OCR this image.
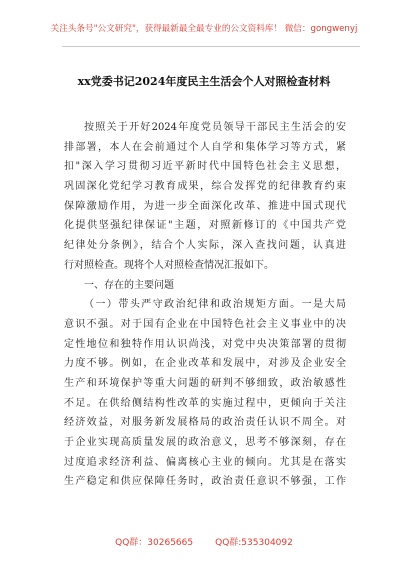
关注头条号"公文研究"，获得最新最全最专业的公文资料库！ 微信：gongwenyj
xx党委书记2024年度民主生活会个人对照检查材料
按照关于开好2024年度党员领导干部民主生活会的安
排部署，本人在会前通过个人自学和集体学习等方式，紧
扣"深入学习贯彻习近平新时代中国特色社会主义思想，
巩固深化党纪学习教育成果，综合发挥党的纪律教育约束
保障激励作用，为进一步全面深化改革、推进中国式现代
化提供坚强纪律保证"主题，对照新修订的《中国共产党
纪律处分条例》，结合个人实际，深入查找问题，认真进
行对照检查。现将个人对照检查情况汇报如下。
一、存在的主要问题
（一）带头严守政治纪律和政治规矩方面。一是大局
意识不强。对于国有企业在中国特色社会主义事业中的决
定性地位和独特作用认识尚浅，对党中央决策部署的贯彻
力度不够。例如，在企业改革和发展中，对涉及企业安全
生产和环境保护等重大问题的研判不够细致，政治敏感性
不足。在供给侧结构性改革的实施过程中，更倾向于关注
经济效益，对服务新发展格局的政治责任认识不周全。对
于企业实现高质量发展的政治意义，思考不够深刻，存在
过度追求经济利益、偏离核心主业的倾向。尤其是在落实
生产稳定和供应保障任务时，政治责任意识不够强，工作
QQ群：30265665 QQ群:535304092
